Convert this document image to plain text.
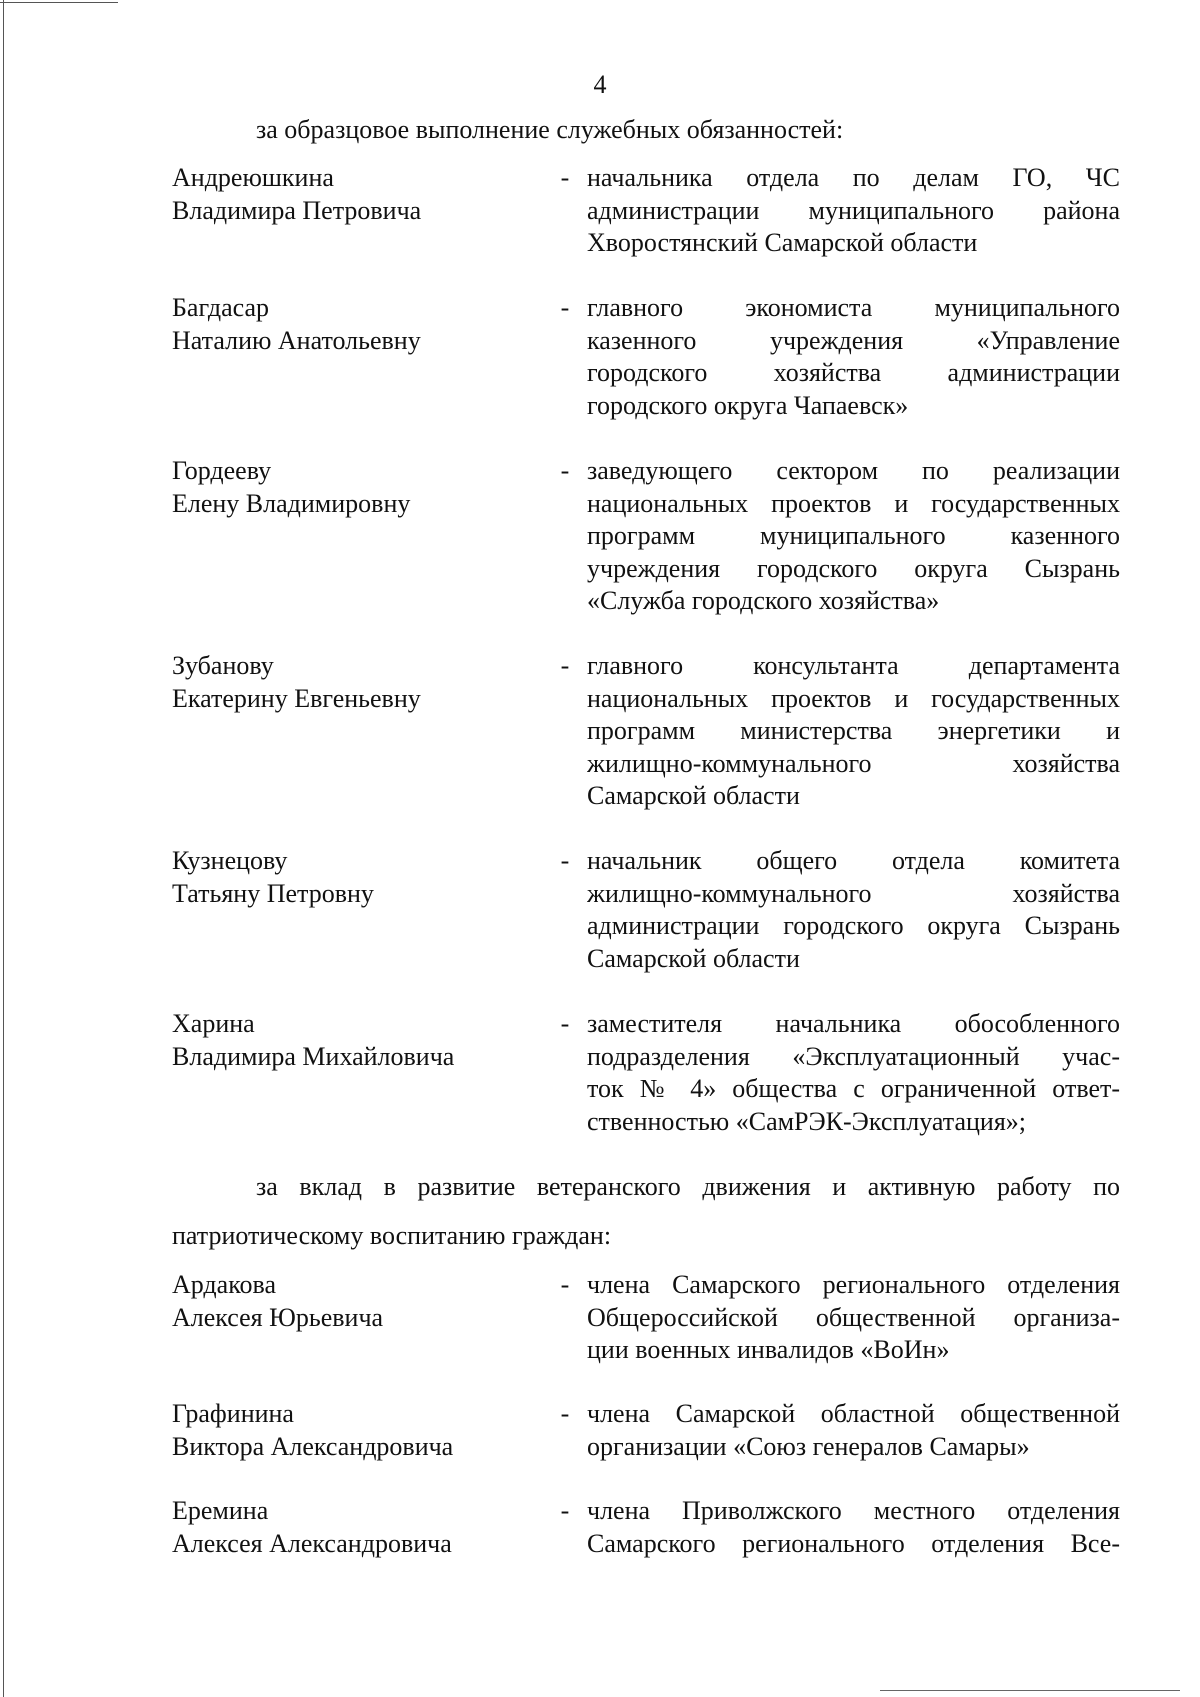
4
за образцовое выполнение служебных обязанностей:
Андреюшкина
Владимира Петровича
- начальника отдела по делам ГО, ЧС
администрации муниципального района
Хворостянский Самарской области
Багдасар
Наталию Анатольевну
- главного экономиста муниципального
казенного учреждения «Управление
городского хозяйства администрации
городского округа Чапаевск»
Гордееву
Елену Владимировну
- заведующего сектором по реализации
национальных проектов и государственных
программ муниципального казенного
учреждения городского округа Сызрань
«Служба городского хозяйства»
Зубанову
Екатерину Евгеньевну
- главного консультанта департамента
национальных проектов и государственных
программ министерства энергетики и
жилищно-коммунального хозяйства
Самарской области
Кузнецову
Татьяну Петровну
- начальник общего отдела комитета
жилищно-коммунального хозяйства
администрации городского округа Сызрань
Самарской области
Харина
Владимира Михайловича
- заместителя начальника обособленного
подразделения «Эксплуатационный учас-
ток № 4» общества с ограниченной ответ-
ственностью «СамРЭК-Эксплуатация»;
за вклад в развитие ветеранского движения и активную работу по
патриотическому воспитанию граждан:
Ардакова
Алексея Юрьевича
- члена Самарского регионального отделения
Общероссийской общественной организа-
ции военных инвалидов «ВоИн»
Графинина
Виктора Александровича
- члена Самарской областной общественной
организации «Союз генералов Самары»
Еремина
Алексея Александровича
- члена Приволжского местного отделения
Самарского регионального отделения Все-
